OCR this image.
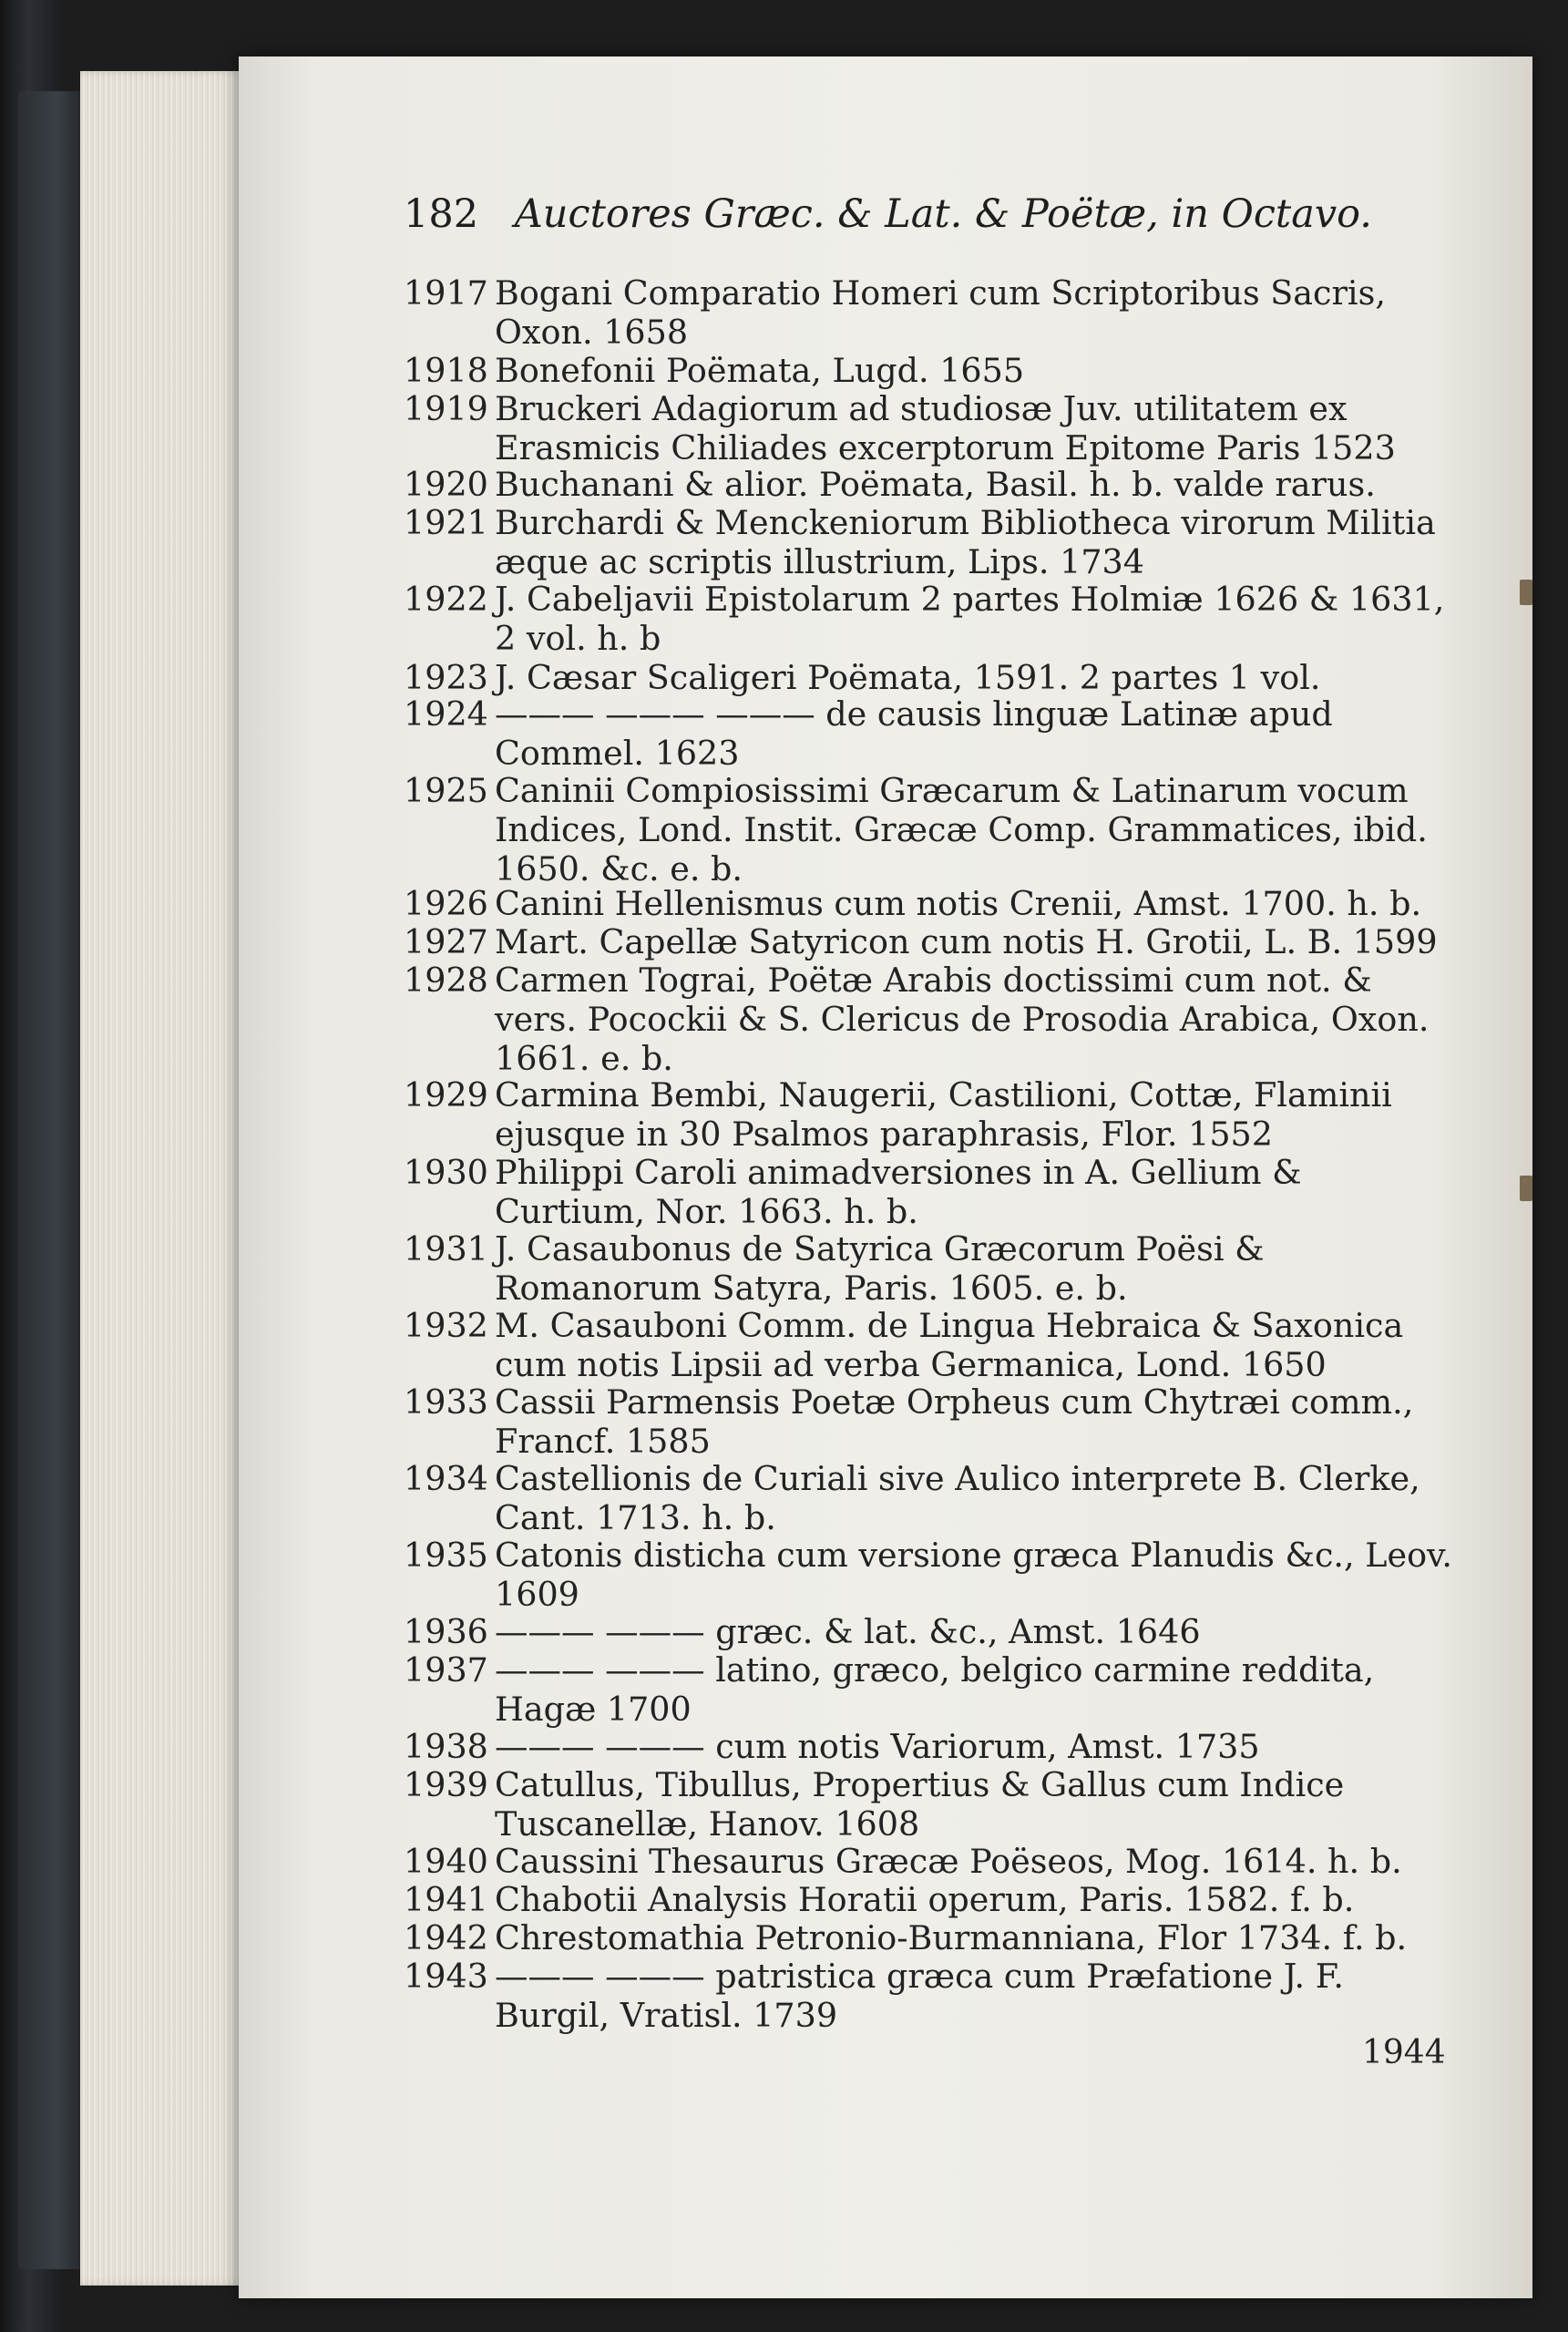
182 Auctores Græc. & Lat. & Poëtæ, in Octavo.
1917 Bogani Comparatio Homeri cum Scriptoribus Sacris, Oxon. 1658
1918 Bonefonii Poëmata, Lugd. 1655
1919 Bruckeri Adagiorum ad studiosæ Juv. utilitatem ex Erasmicis Chiliades excerptorum Epitome Paris 1523
1920 Buchanani & alior. Poëmata, Basil. h. b. valde rarus.
1921 Burchardi & Menckeniorum Bibliotheca virorum Militia æque ac scriptis illustrium, Lips. 1734
1922 J. Cabeljavii Epistolarum 2 partes Holmiæ 1626 & 1631, 2 vol. h. b
1923 J. Cæsar Scaligeri Poëmata, 1591. 2 partes 1 vol.
1924 ——— ——— ——— de causis linguæ Latinæ apud Commel. 1623
1925 Caninii Compiosissimi Græcarum & Latinarum vocum Indices, Lond. Instit. Græcæ Comp. Grammatices, ibid. 1650. &c. e. b.
1926 Canini Hellenismus cum notis Crenii, Amst. 1700. h. b.
1927 Mart. Capellæ Satyricon cum notis H. Grotii, L. B. 1599
1928 Carmen Tograi, Poëtæ Arabis doctissimi cum not. & vers. Pocockii & S. Clericus de Prosodia Arabica, Oxon. 1661. e. b.
1929 Carmina Bembi, Naugerii, Castilioni, Cottæ, Flaminii ejusque in 30 Psalmos paraphrasis, Flor. 1552
1930 Philippi Caroli animadversiones in A. Gellium & Curtium, Nor. 1663. h. b.
1931 J. Casaubonus de Satyrica Græcorum Poësi & Romanorum Satyra, Paris. 1605. e. b.
1932 M. Casauboni Comm. de Lingua Hebraica & Saxonica cum notis Lipsii ad verba Germanica, Lond. 1650
1933 Cassii Parmensis Poetæ Orpheus cum Chytræi comm., Francf. 1585
1934 Castellionis de Curiali sive Aulico interprete B. Clerke, Cant. 1713. h. b.
1935 Catonis disticha cum versione græca Planudis &c., Leov. 1609
1936 ——— ——— græc. & lat. &c., Amst. 1646
1937 ——— ——— latino, græco, belgico carmine reddita, Hagæ 1700
1938 ——— ——— cum notis Variorum, Amst. 1735
1939 Catullus, Tibullus, Propertius & Gallus cum Indice Tuscanellæ, Hanov. 1608
1940 Caussini Thesaurus Græcæ Poëseos, Mog. 1614. h. b.
1941 Chabotii Analysis Horatii operum, Paris. 1582. f. b.
1942 Chrestomathia Petronio-Burmanniana, Flor 1734. f. b.
1943 ——— ——— patristica græca cum Præfatione J. F. Burgil, Vratisl. 1739
1944
